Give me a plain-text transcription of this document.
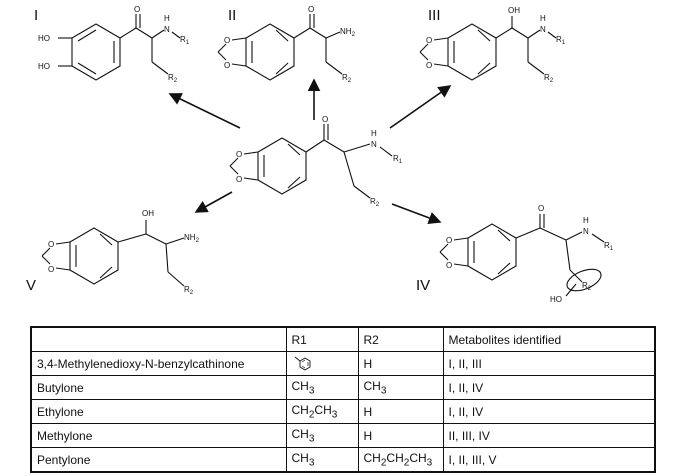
I	II	III
IV
V
HO
HO
O
N
H
$R_1$
$R_2$
O
O
O
$NH_2$
$R_2$
O
O
OH
N
H
$R_1$
$R_2$
O
O
O
N
H
$R_1$
$R_2$
O
O
OH
$NH_2$
$R_2$
O
O
O
N
H
$R_1$
$R_2$
HO
	R1	R2	Metabolites identified
3,4-Methylenedioxy-N-benzylcathinone		H	I, II, III
Butylone	$CH_3$	$CH_3$	I, II, IV
Ethylone	$CH_2CH_3$	H	I, II, IV
Methylone	$CH_3$	H	II, III, IV
Pentylone	$CH_3$	$CH_2CH_2CH_3$	I, II, III, V
